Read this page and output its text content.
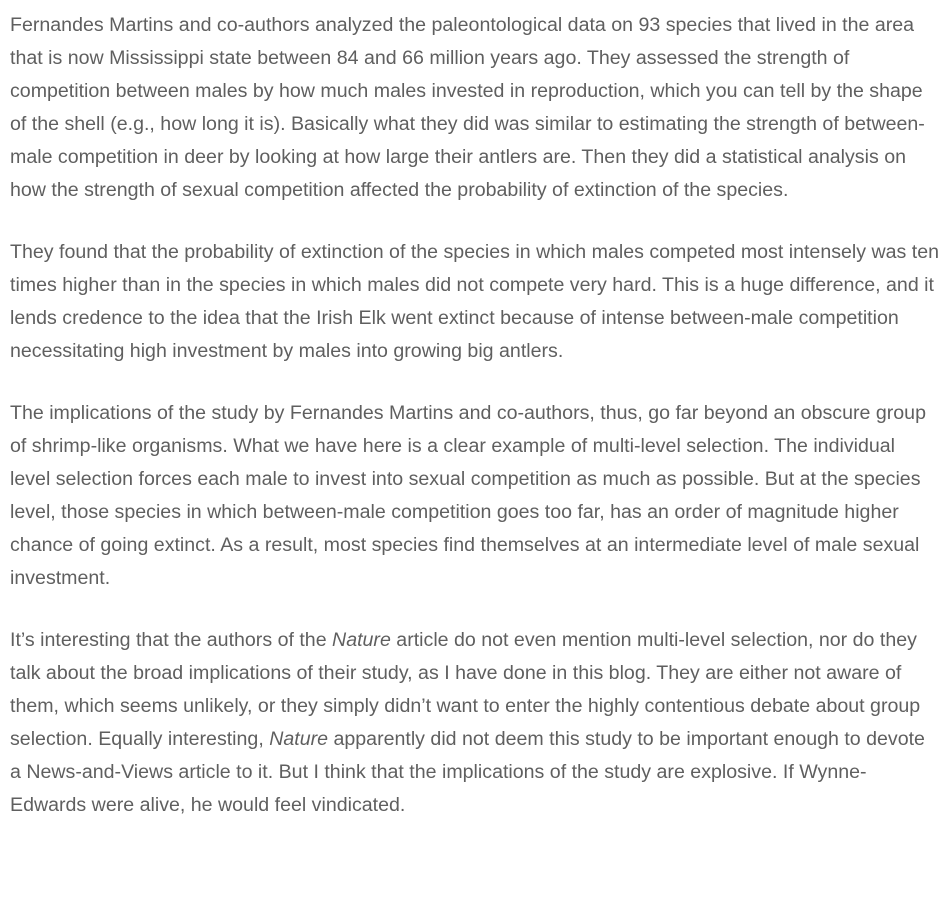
Fernandes Martins and co-authors analyzed the paleontological data on 93 species that lived in the area that is now Mississippi state between 84 and 66 million years ago. They assessed the strength of competition between males by how much males invested in reproduction, which you can tell by the shape of the shell (e.g., how long it is). Basically what they did was similar to estimating the strength of between-male competition in deer by looking at how large their antlers are. Then they did a statistical analysis on how the strength of sexual competition affected the probability of extinction of the species.

They found that the probability of extinction of the species in which males competed most intensely was ten times higher than in the species in which males did not compete very hard. This is a huge difference, and it lends credence to the idea that the Irish Elk went extinct because of intense between-male competition necessitating high investment by males into growing big antlers.

The implications of the study by Fernandes Martins and co-authors, thus, go far beyond an obscure group of shrimp-like organisms. What we have here is a clear example of multi-level selection. The individual level selection forces each male to invest into sexual competition as much as possible. But at the species level, those species in which between-male competition goes too far, has an order of magnitude higher chance of going extinct. As a result, most species find themselves at an intermediate level of male sexual investment.

It’s interesting that the authors of the Nature article do not even mention multi-level selection, nor do they talk about the broad implications of their study, as I have done in this blog. They are either not aware of them, which seems unlikely, or they simply didn’t want to enter the highly contentious debate about group selection. Equally interesting, Nature apparently did not deem this study to be important enough to devote a News-and-Views article to it. But I think that the implications of the study are explosive. If Wynne-Edwards were alive, he would feel vindicated.
